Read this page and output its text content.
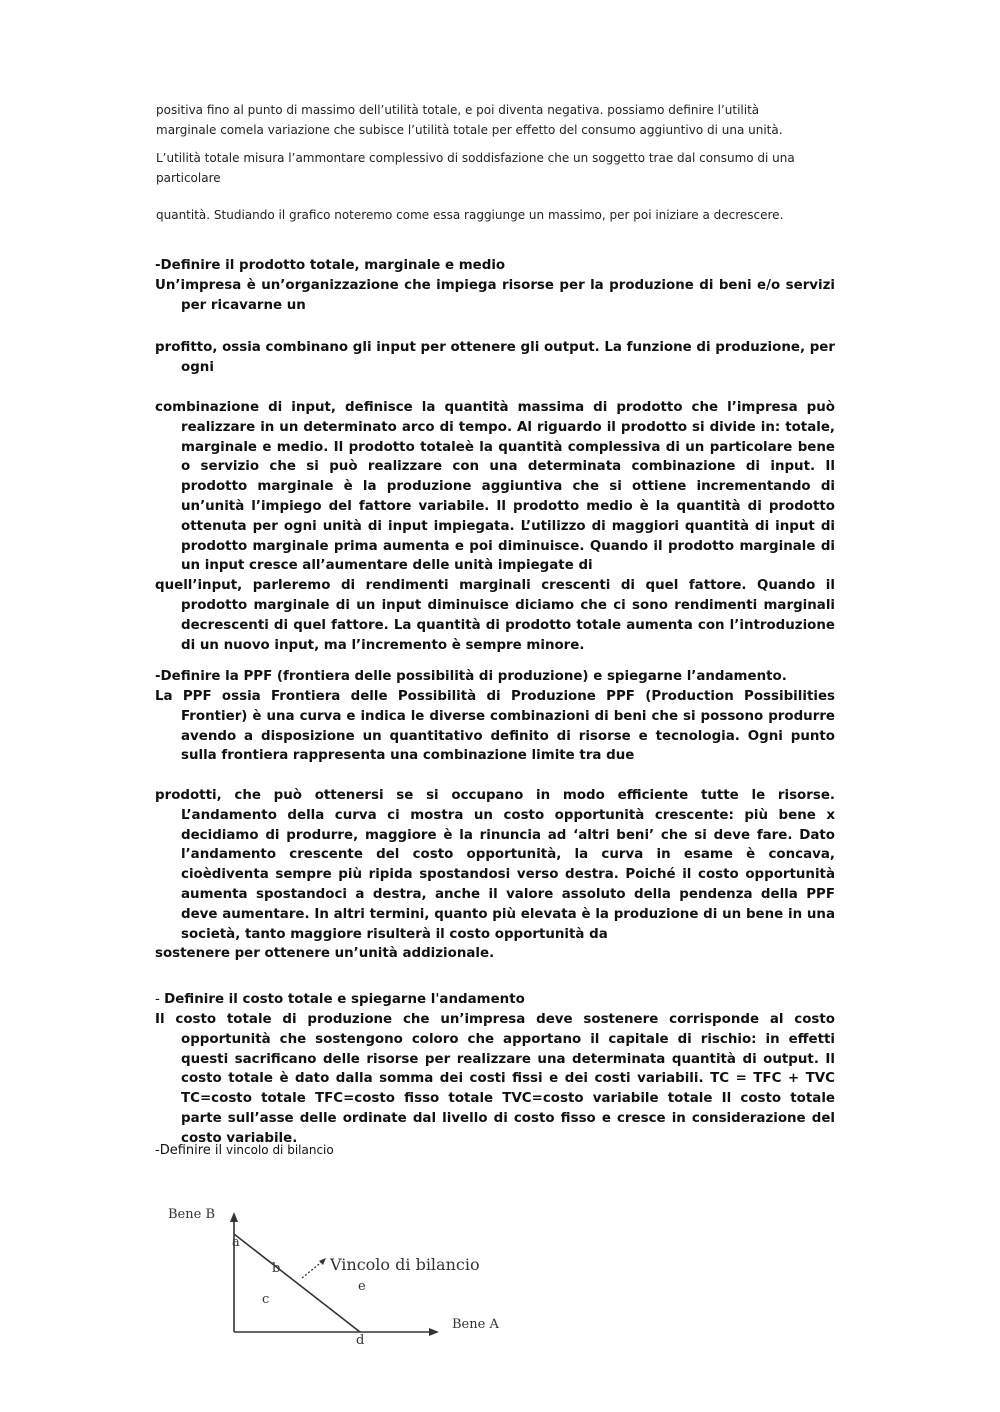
positiva fino al punto di massimo dell’utilità totale, e poi diventa negativa. possiamo definire l’utilità

marginale comela variazione che subisce l’utilità totale per effetto del consumo aggiuntivo di una unità.

L’utilità totale misura l’ammontare complessivo di soddisfazione che un soggetto trae dal consumo di una

particolare

quantità. Studiando il grafico noteremo come essa raggiunge un massimo, per poi iniziare a decrescere.

-Definire il prodotto totale, marginale e medio

Un’impresa è un’organizzazione che impiega risorse per la produzione di beni e/o servizi per ricavarne un

profitto, ossia combinano gli input per ottenere gli output. La funzione di produzione, per ogni

combinazione di input, definisce la quantità massima di prodotto che l’impresa può realizzare in un determinato arco di tempo. Al riguardo il prodotto si divide in: totale, marginale e medio. Il prodotto totaleè la quantità complessiva di un particolare bene o servizio che si può realizzare con una determinata combinazione di input. Il prodotto marginale è la produzione aggiuntiva che si ottiene incrementando di un’unità l’impiego del fattore variabile. Il prodotto medio è la quantità di prodotto ottenuta per ogni unità di input impiegata. L’utilizzo di maggiori quantità di input di prodotto marginale prima aumenta e poi diminuisce. Quando il prodotto marginale di un input cresce all’aumentare delle unità impiegate di

quell’input, parleremo di rendimenti marginali crescenti di quel fattore. Quando il prodotto marginale di un input diminuisce diciamo che ci sono rendimenti marginali decrescenti di quel fattore. La quantità di prodotto totale aumenta con l’introduzione di un nuovo input, ma l’incremento è sempre minore.

-Definire la PPF (frontiera delle possibilità di produzione) e spiegarne l’andamento.

La PPF ossia Frontiera delle Possibilità di Produzione PPF (Production Possibilities Frontier) è una curva e indica le diverse combinazioni di beni che si possono produrre avendo a disposizione un quantitativo definito di risorse e tecnologia. Ogni punto sulla frontiera rappresenta una combinazione limite tra due

prodotti, che può ottenersi se si occupano in modo efficiente tutte le risorse. L’andamento della curva ci mostra un costo opportunità crescente: più bene x decidiamo di produrre, maggiore è la rinuncia ad ‘altri beni’ che si deve fare. Dato l’andamento crescente del costo opportunità, la curva in esame è concava, cioèdiventa sempre più ripida spostandosi verso destra. Poiché il costo opportunità aumenta spostandoci a destra, anche il valore assoluto della pendenza della PPF deve aumentare. In altri termini, quanto più elevata è la produzione di un bene in una società, tanto maggiore risulterà il costo opportunità da

sostenere per ottenere un’unità addizionale.

- Definire il costo totale e spiegarne l'andamento

Il costo totale di produzione che un’impresa deve sostenere corrisponde al costo opportunità che sostengono coloro che apportano il capitale di rischio: in effetti questi sacrificano delle risorse per realizzare una determinata quantità di output. Il costo totale è dato dalla somma dei costi fissi e dei costi variabili. TC = TFC + TVC TC=costo totale TFC=costo fisso totale TVC=costo variabile totale Il costo totale parte sull’asse delle ordinate dal livello di costo fisso e cresce in considerazione del costo variabile.

-Definire il vincolo di bilancio
Bene B
Bene A
Vincolo di bilancio
a
b
c
d
e
